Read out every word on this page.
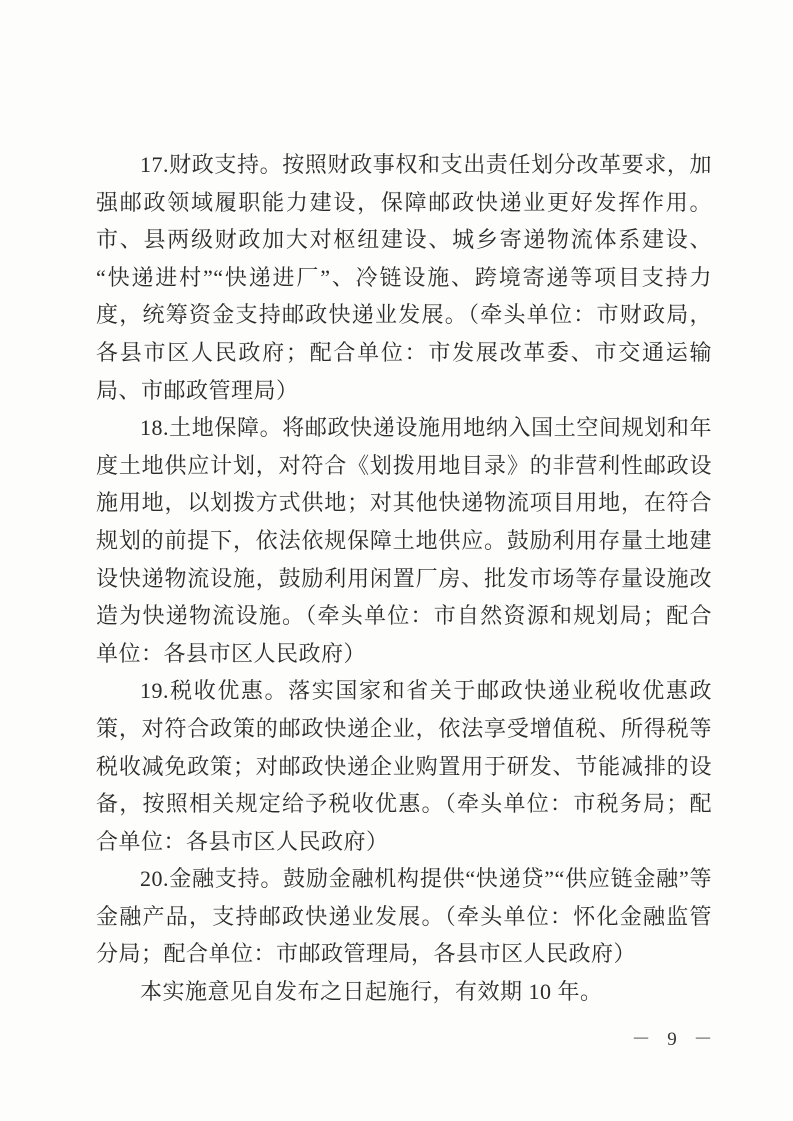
17.财政支持。按照财政事权和支出责任划分改革要求，加强邮政领域履职能力建设，保障邮政快递业更好发挥作用。市、县两级财政加大对枢纽建设、城乡寄递物流体系建设、“快递进村”“快递进厂”、冷链设施、跨境寄递等项目支持力度，统筹资金支持邮政快递业发展。（牵头单位：市财政局，各县市区人民政府；配合单位：市发展改革委、市交通运输局、市邮政管理局）

18.土地保障。将邮政快递设施用地纳入国土空间规划和年度土地供应计划，对符合《划拨用地目录》的非营利性邮政设施用地，以划拨方式供地；对其他快递物流项目用地，在符合规划的前提下，依法依规保障土地供应。鼓励利用存量土地建设快递物流设施，鼓励利用闲置厂房、批发市场等存量设施改造为快递物流设施。（牵头单位：市自然资源和规划局；配合单位：各县市区人民政府）

19.税收优惠。落实国家和省关于邮政快递业税收优惠政策，对符合政策的邮政快递企业，依法享受增值税、所得税等税收减免政策；对邮政快递企业购置用于研发、节能减排的设备，按照相关规定给予税收优惠。（牵头单位：市税务局；配合单位：各县市区人民政府）

20.金融支持。鼓励金融机构提供“快递贷”“供应链金融”等金融产品，支持邮政快递业发展。（牵头单位：怀化金融监管分局；配合单位：市邮政管理局，各县市区人民政府）

本实施意见自发布之日起施行，有效期 10 年。

－ 9 －
